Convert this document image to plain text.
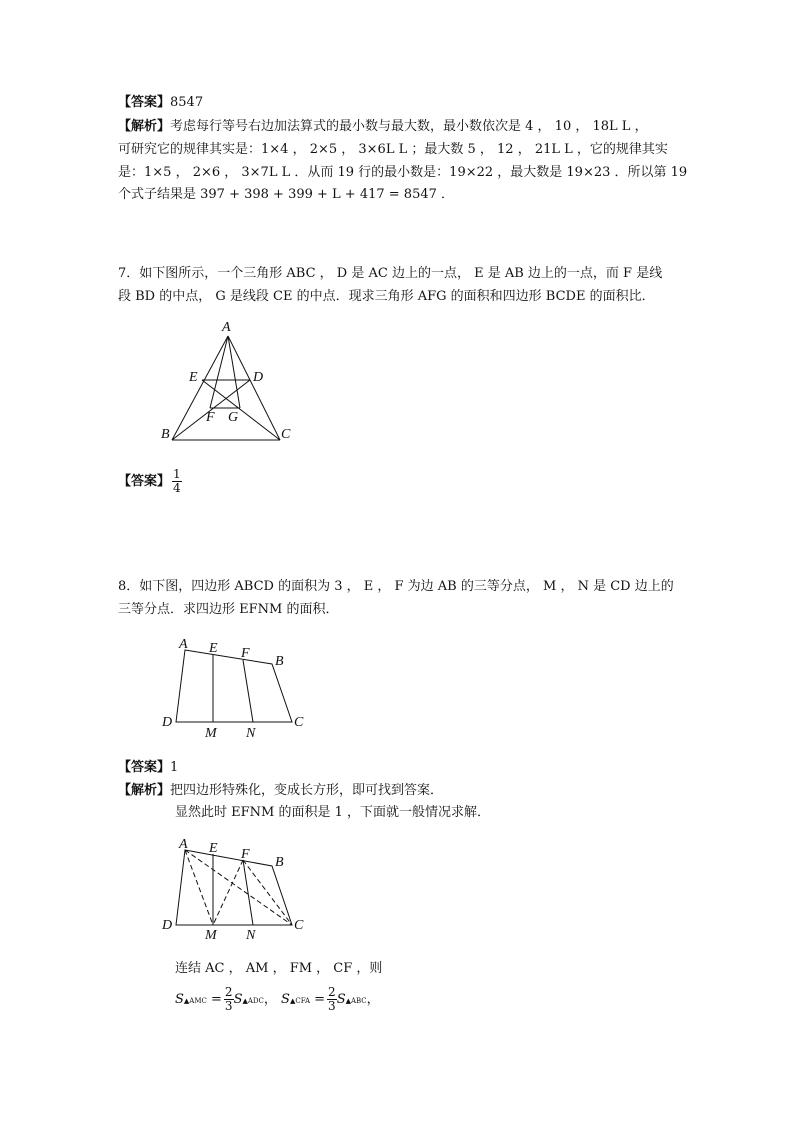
【答案】8547
【解析】考虑每行等号右边加法算式的最小数与最大数，最小数依次是 4 ， 10 ， 18L L ，
可研究它的规律其实是：1×4 ， 2×5 ， 3×6L L ；最大数 5 ， 12 ， 21L L ，它的规律其实
是：1×5 ， 2×6 ， 3×7L L ．从而 19 行的最小数是：19×22 ，最大数是 19×23 ．所以第 19
个式子结果是 397 + 398 + 399 + L + 417 = 8547 ．
7．如下图所示，一个三角形 ABC ， D 是 AC 边上的一点， E 是 AB 边上的一点，而 F 是线
段 BD 的中点， G 是线段 CE 的中点．现求三角形 AFG 的面积和四边形 BCDE 的面积比．
A
E	D
F G
B	C
【答案】 $\frac{1}{4}$
8．如下图，四边形 ABCD 的面积为 3 ， E ， F 为边 AB 的三等分点， M ， N 是 CD 边上的
三等分点．求四边形 EFNM 的面积．
A E F
B
D
M N
C
【答案】1
【解析】把四边形特殊化，变成长方形，即可找到答案．
显然此时 EFNM 的面积是 1 ，下面就一般情况求解．
A E F
B
D
M N
C
连结 AC ， AM ， FM ， CF ，则
S▲AMC = $\frac{2}{3}$ S▲ADC， S▲CFA = $\frac{2}{3}$ S▲ABC，
